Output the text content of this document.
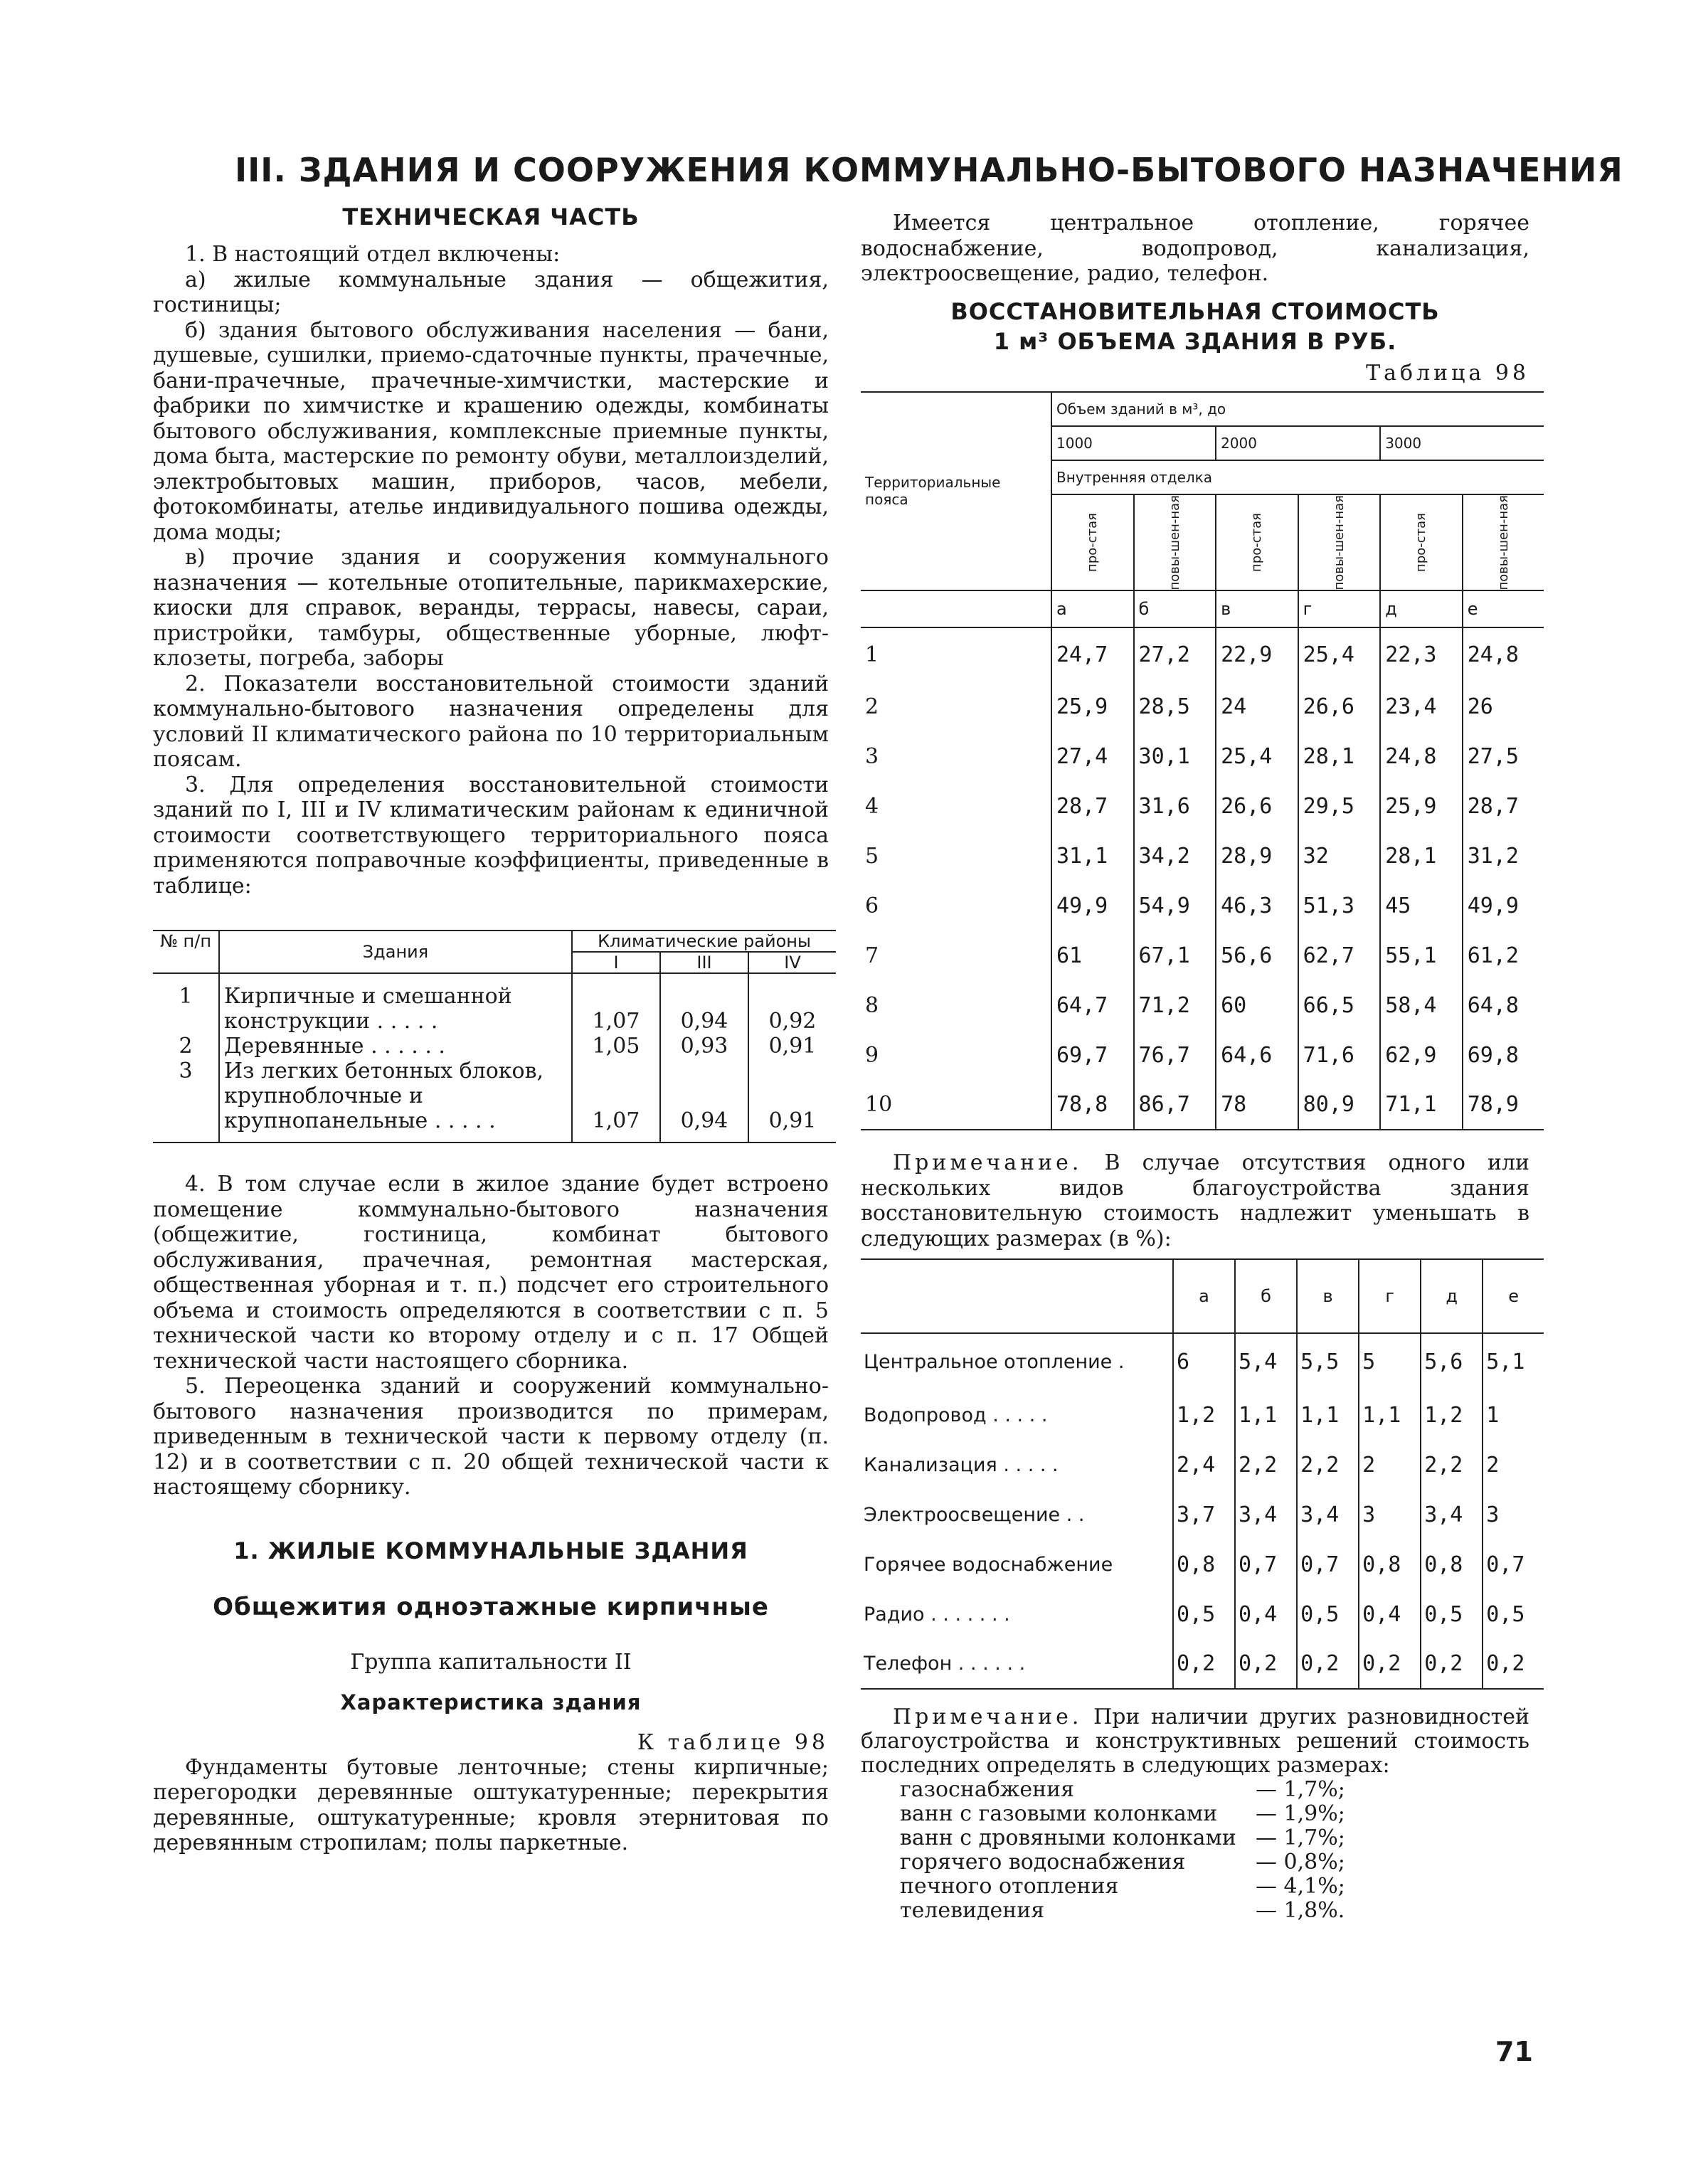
III. ЗДАНИЯ И СООРУЖЕНИЯ КОММУНАЛЬНО-БЫТОВОГО НАЗНАЧЕНИЯ
ТЕХНИЧЕСКАЯ ЧАСТЬ

1. В настоящий отдел включены:

а) жилые коммунальные здания — общежития, гостиницы;

б) здания бытового обслуживания населения — бани, душевые, сушилки, приемо-сдаточные пункты, прачечные, бани-прачечные, прачечные-химчистки, мастерские и фабрики по химчистке и крашению одежды, комбинаты бытового обслуживания, комплексные приемные пункты, дома быта, мастерские по ремонту обуви, металлоизделий, электробытовых машин, приборов, часов, мебели, фотокомбинаты, ателье индивидуального пошива одежды, дома моды;

в) прочие здания и сооружения коммунального назначения — котельные отопительные, парикмахерские, киоски для справок, веранды, террасы, навесы, сараи, пристройки, тамбуры, общественные уборные, люфт-клозеты, погреба, заборы

2. Показатели восстановительной стоимости зданий коммунально-бытового назначения определены для условий II климатического района по 10 территориальным поясам.

3. Для определения восстановительной стоимости зданий по I, III и IV климатическим районам к единичной стоимости соответствующего территориального пояса применяются поправочные коэффициенты, приведенные в таблице:

№ п/п	Здания	Климатические районы		
		I	III	IV
1	Кирпичные и смешанной конструкции . . . . .	1,07	0,94	0,92
2	Деревянные . . . . . .	1,05	0,93	0,91
3	Из легких бетонных блоков, крупноблочные и крупнопанельные . . . . .	1,07	0,94	0,91

4. В том случае если в жилое здание будет встроено помещение коммунально-бытового назначения (общежитие, гостиница, комбинат бытового обслуживания, прачечная, ремонтная мастерская, общественная уборная и т. п.) подсчет его строительного объема и стоимость определяются в соответствии с п. 5 технической части ко второму отделу и с п. 17 Общей технической части настоящего сборника.

5. Переоценка зданий и сооружений коммунально-бытового назначения производится по примерам, приведенным в технической части к первому отделу (п. 12) и в соответствии с п. 20 общей технической части к настоящему сборнику.

1. ЖИЛЫЕ КОММУНАЛЬНЫЕ ЗДАНИЯ
Общежития одноэтажные кирпичные
Группа капитальности II
Характеристика здания
К таблице 98

Фундаменты бутовые ленточные; стены кирпичные; перегородки деревянные оштукатуренные; перекрытия деревянные, оштукатуренные; кровля этернитовая по деревянным стропилам; полы паркетные.

Имеется центральное отопление, горячее водоснабжение, водопровод, канализация, электроосвещение, радио, телефон.

ВОССТАНОВИТЕЛЬНАЯ СТОИМОСТЬ
1 м³ ОБЪЕМА ЗДАНИЯ В РУБ.
Таблица 98
Территориальные пояса	Объем зданий в м³, до					
	1000		2000		3000	
	Внутренняя отделка					

	про-стая	повы-шен-ная	про-стая	повы-шен-ная	про-стая	повы-шен-ная

	а	б	в	г	д	е
1	24,7	27,2	22,9	25,4	22,3	24,8
2	25,9	28,5	24	26,6	23,4	26
3	27,4	30,1	25,4	28,1	24,8	27,5
4	28,7	31,6	26,6	29,5	25,9	28,7
5	31,1	34,2	28,9	32	28,1	31,2
6	49,9	54,9	46,3	51,3	45	49,9
7	61	67,1	56,6	62,7	55,1	61,2
8	64,7	71,2	60	66,5	58,4	64,8
9	69,7	76,7	64,6	71,6	62,9	69,8
10	78,8	86,7	78	80,9	71,1	78,9

Примечание. В случае отсутствия одного или нескольких видов благоустройства здания восстановительную стоимость надлежит уменьшать в следующих размерах (в %):

	а	б	в	г	д	е
Центральное отопление .	6	5,4	5,5	5	5,6	5,1
Водопровод . . . . .	1,2	1,1	1,1	1,1	1,2	1
Канализация . . . . .	2,4	2,2	2,2	2	2,2	2
Электроосвещение . .	3,7	3,4	3,4	3	3,4	3
Горячее водоснабжение	0,8	0,7	0,7	0,8	0,8	0,7
Радио . . . . . . .	0,5	0,4	0,5	0,4	0,5	0,5
Телефон . . . . . .	0,2	0,2	0,2	0,2	0,2	0,2

Примечание. При наличии других разновидностей благоустройства и конструктивных решений стоимость последних определять в следующих размерах:

газоснабжения	— 1,7%;
ванн с газовыми колонками	— 1,9%;
ванн с дровяными колонками — 1,7%;
горячего водоснабжения	— 0,8%;
печного отопления	— 4,1%;
телевидения	— 1,8%.
71
